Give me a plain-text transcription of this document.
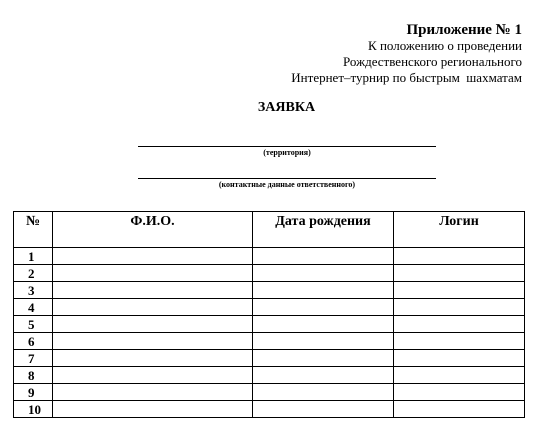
Приложение № 1
К положению о проведении
Рождественского регионального
Интернет–турнир по быстрым  шахматам
ЗАЯВКА
(территория)
(контактные данные ответственного)
№	Ф.И.О.	Дата рождения	Логин
1			
2			
3			
4			
5			
6			
7			
8			
9			
10			
